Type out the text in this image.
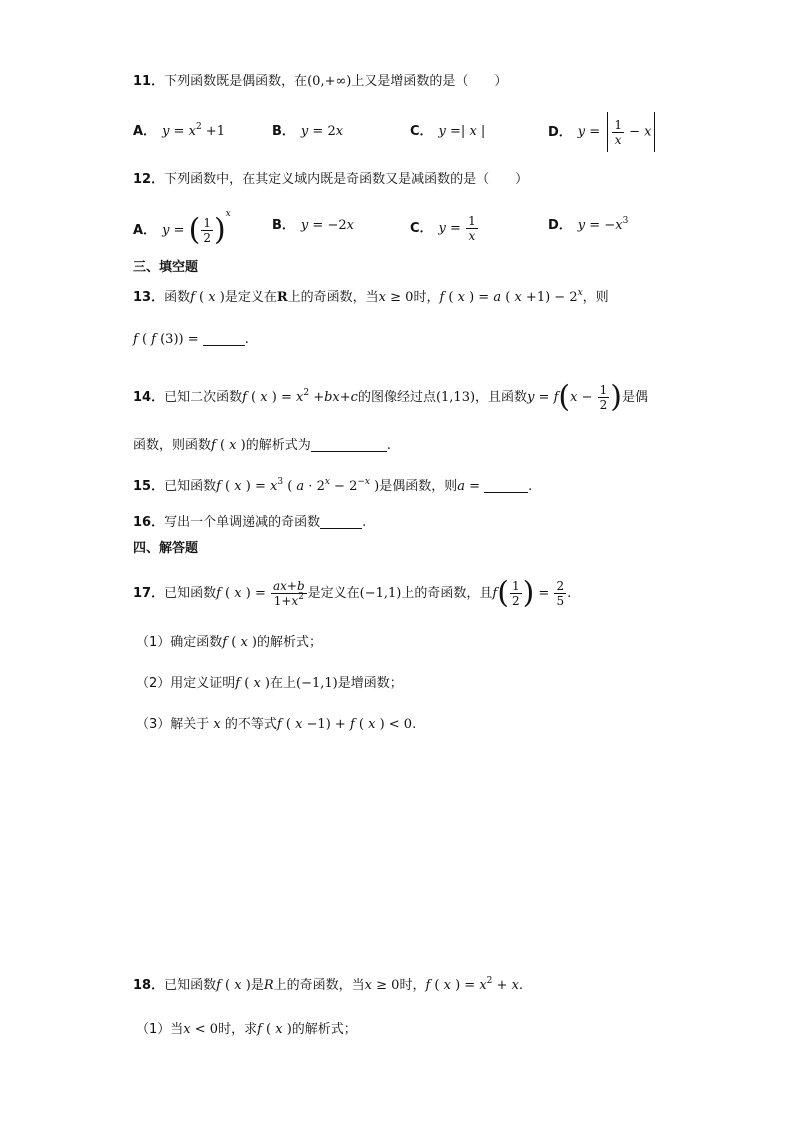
11．下列函数既是偶函数，在(0,+∞)上又是增函数的是（　　）
A． $y = x^2 +1$	B． y = 2x	C． y =| x |	D． $y = \frac{1}{x} - x$
12．下列函数中，在其定义域内既是奇函数又是减函数的是（　　）
A． y = ( $\frac{1}{2} )^x$
B． y = −2x	C． $y = \frac{1}{x}$	D． $y = -x^3$
三、填空题
13．函数f ( x )是定义在R上的奇函数，当x ≥ 0时，f ( x ) = a ( $x +1) - 2^x$，则
f ( f (3)) =	.
14．已知二次函数f ( x ) = $x^2 +bx+c$的图像经过点(1,13)，且函数$y = f(x - \frac{1}{2}$ )是偶
函数，则函数f ( x )的解析式为	.
15．已知函数f ( x ) = $x^3$ ( $a \cdot 2^x - 2^{-x}$ )是偶函数，则a =	.
16．写出一个单调递减的奇函数	.
四、解答题
17．已知函数f ( x ) = $\frac{ax+b}{1+x^2}$ 是定义在(−1,1)上的奇函数，且$f( \frac{1}{2}$ ) = $\frac{2}{5}$ .
（1）确定函数f ( x )的解析式；
（2）用定义证明f ( x )在上(−1,1)是增函数；
（3）解关于 x 的不等式f ( x −1) + f ( x ) < 0.
18．已知函数f ( x )是R上的奇函数，当x ≥ 0时，f ( x ) = $x^2 + x$.
（1）当x < 0时，求f ( x )的解析式；
